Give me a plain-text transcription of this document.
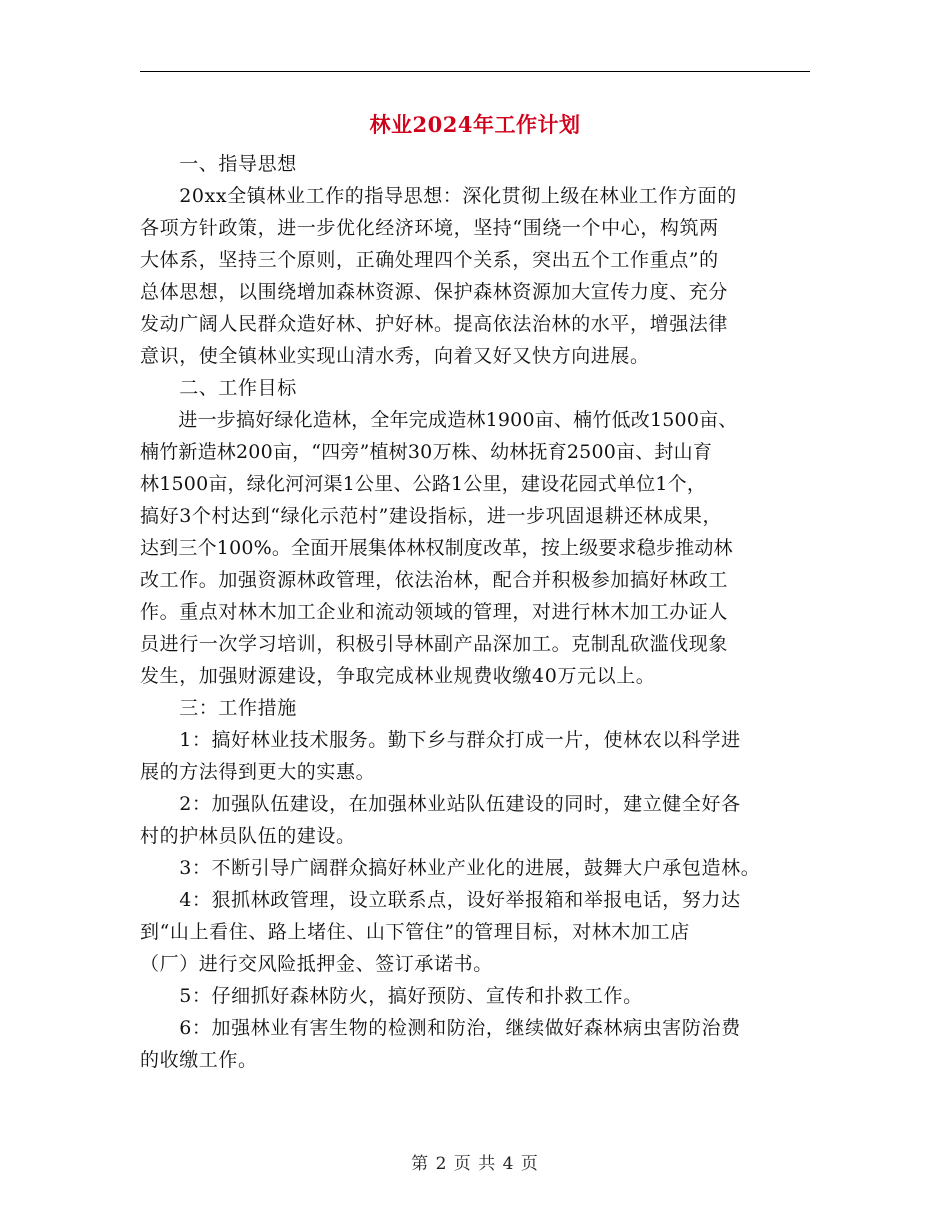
林业2024年工作计划
　　一、指导思想
　　20xx全镇林业工作的指导思想：深化贯彻上级在林业工作方面的
各项方针政策，进一步优化经济环境，坚持“围绕一个中心，构筑两
大体系，坚持三个原则，正确处理四个关系，突出五个工作重点”的
总体思想，以围绕增加森林资源、保护森林资源加大宣传力度、充分
发动广阔人民群众造好林、护好林。提高依法治林的水平，增强法律
意识，使全镇林业实现山清水秀，向着又好又快方向进展。
　　二、工作目标
　　进一步搞好绿化造林，全年完成造林1900亩、楠竹低改1500亩、
楠竹新造林200亩，“四旁”植树30万株、幼林抚育2500亩、封山育
林1500亩，绿化河河渠1公里、公路1公里，建设花园式单位1个，
搞好3个村达到“绿化示范村”建设指标，进一步巩固退耕还林成果，
达到三个100%。全面开展集体林权制度改革，按上级要求稳步推动林
改工作。加强资源林政管理，依法治林，配合并积极参加搞好林政工
作。重点对林木加工企业和流动领域的管理，对进行林木加工办证人
员进行一次学习培训，积极引导林副产品深加工。克制乱砍滥伐现象
发生，加强财源建设，争取完成林业规费收缴40万元以上。
　　三：工作措施
　　1：搞好林业技术服务。勤下乡与群众打成一片，使林农以科学进
展的方法得到更大的实惠。
　　2：加强队伍建设，在加强林业站队伍建设的同时，建立健全好各
村的护林员队伍的建设。
　　3：不断引导广阔群众搞好林业产业化的进展，鼓舞大户承包造林。
　　4：狠抓林政管理，设立联系点，设好举报箱和举报电话，努力达
到“山上看住、路上堵住、山下管住”的管理目标，对林木加工店
（厂）进行交风险抵押金、签订承诺书。
　　5：仔细抓好森林防火，搞好预防、宣传和扑救工作。
　　6：加强林业有害生物的检测和防治，继续做好森林病虫害防治费
的收缴工作。
第 2 页 共 4 页
